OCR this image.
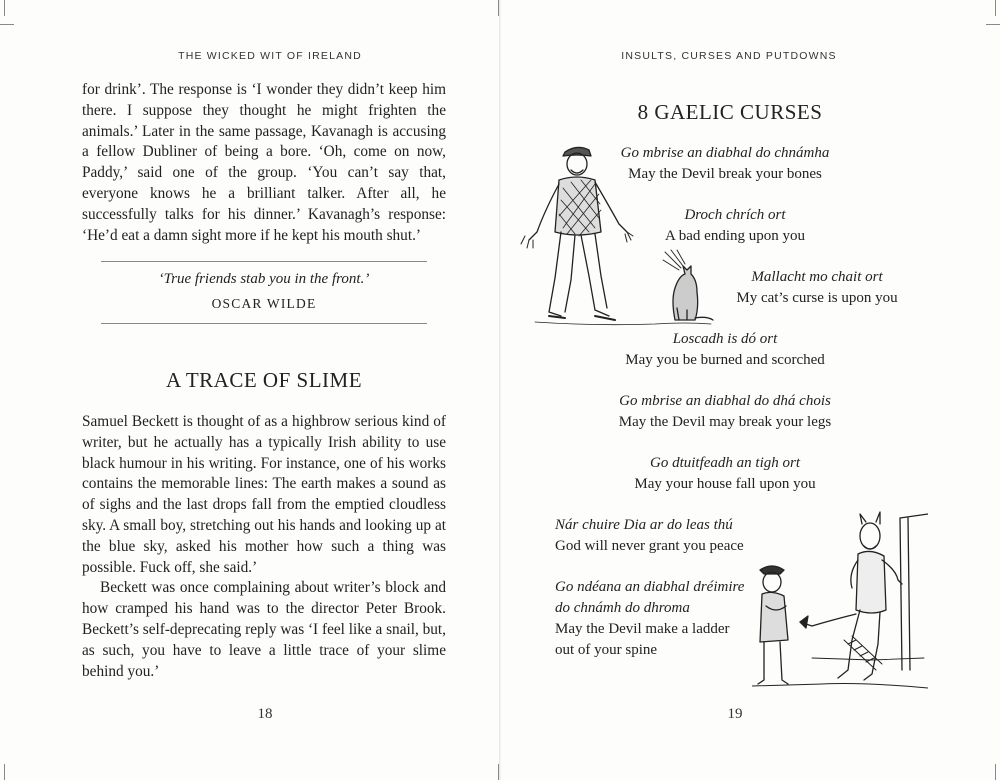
THE WICKED WIT OF IRELAND

for drink’. The response is ‘I wonder they didn’t keep him there. I suppose they thought he might frighten the animals.’ Later in the same passage, Kavanagh is accusing a fellow Dubliner of being a bore. ‘Oh, come on now, Paddy,’ said one of the group. ‘You can’t say that, everyone knows he a brilliant talker. After all, he successfully talks for his dinner.’ Kavanagh’s response: ‘He’d eat a damn sight more if he kept his mouth shut.’

‘True friends stab you in the front.’
OSCAR WILDE
A TRACE OF SLIME

Samuel Beckett is thought of as a highbrow serious kind of writer, but he actually has a typically Irish ability to use black humour in his writing. For instance, one of his works contains the memorable lines: The earth makes a sound as of sighs and the last drops fall from the emptied cloudless sky. A small boy, stretching out his hands and looking up at the blue sky, asked his mother how such a thing was possible. Fuck off, she said.’

Beckett was once complaining about writer’s block and how cramped his hand was to the director Peter Brook. Beckett’s self-deprecating reply was ‘I feel like a snail, but, as such, you have to leave a little trace of your slime behind you.’

18
INSULTS, CURSES AND PUTDOWNS
8 GAELIC CURSES
Go mbrise an diabhal do chnámha
May the Devil break your bones
Droch chrích ort
A bad ending upon you
Mallacht mo chait ort
My cat’s curse is upon you
Loscadh is dó ort
May you be burned and scorched
Go mbrise an diabhal do dhá chois
May the Devil may break your legs
Go dtuitfeadh an tigh ort
May your house fall upon you
Nár chuire Dia ar do leas thú
God will never grant you peace
Go ndéana an diabhal dréimire
do chnámh do dhroma
May the Devil make a ladder
out of your spine
19
